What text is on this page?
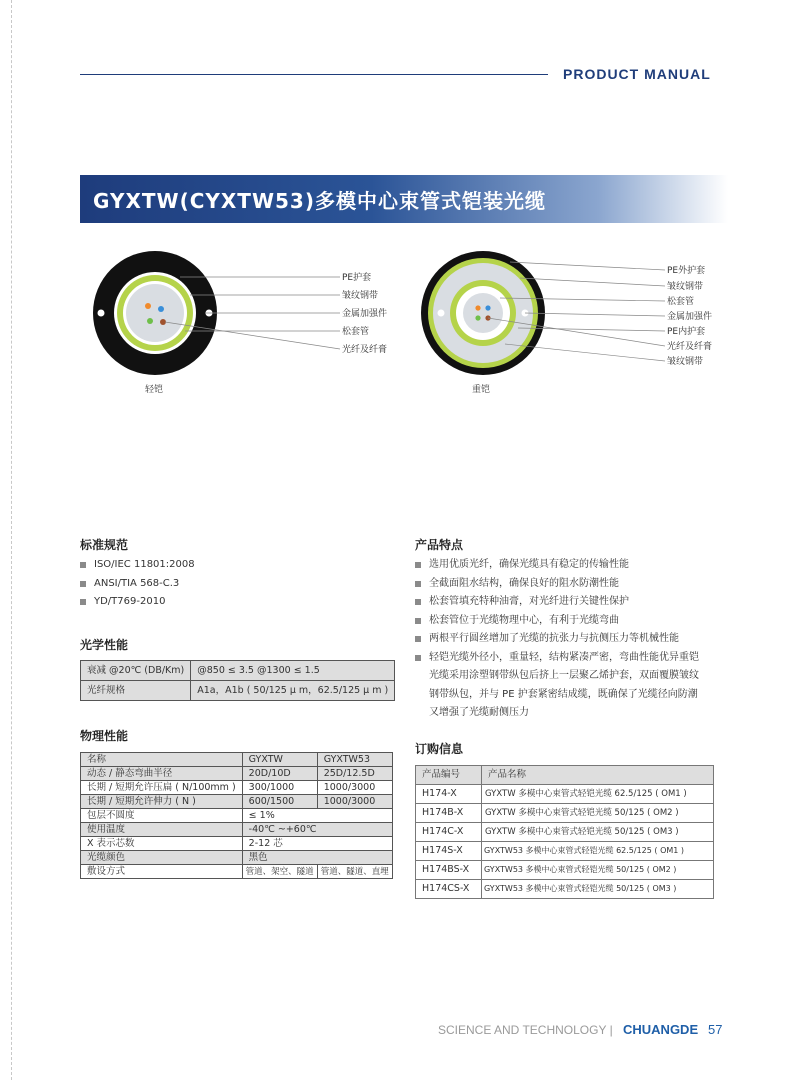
PRODUCT MANUAL
GYXTW(CYXTW53)多模中心束管式铠装光缆
PE护套
皱纹钢带
金属加强件
松套管
光纤及纤膏
轻铠
PE外护套
皱纹钢带
松套管
金属加强件
PE内护套
光纤及纤膏
皱纹钢带
重铠
标准规范
ISO/IEC 11801:2008
ANSI/TIA 568-C.3
YD/T769-2010
光学性能
衰减 @20℃ (DB/Km)	@850 ≤ 3.5 @1300 ≤ 1.5
光纤规格	A1a，A1b ( 50/125 μ m，62.5/125 μ m )
物理性能
名称	GYXTW	GYXTW53
动态 / 静态弯曲半径	20D/10D	25D/12.5D
长期 / 短期允许压扁 ( N/100mm )	300/1000	1000/3000
长期 / 短期允许伸力 ( N )	600/1500	1000/3000
包层不圆度	≤ 1%	
使用温度	-40℃ ~+60℃	
X 表示芯数	2-12 芯	
光缆颜色	黑色	
敷设方式	管道、架空、隧道	管道、隧道、直埋
产品特点
选用优质光纤，确保光缆具有稳定的传输性能
全截面阻水结构，确保良好的阻水防潮性能
松套管填充特种油膏，对光纤进行关键性保护
松套管位于光缆物理中心，有利于光缆弯曲
两根平行圆丝增加了光缆的抗张力与抗侧压力等机械性能
轻铠光缆外径小，重量轻，结构紧凑严密，弯曲性能优异重铠
光缆采用涂塑钢带纵包后挤上一层聚乙烯护套，双面覆膜皱纹
钢带纵包，并与 PE 护套紧密结成缆，既确保了光缆径向防潮
又增强了光缆耐侧压力
订购信息
产品编号	产品名称
H174-X	GYXTW 多模中心束管式轻铠光缆 62.5/125 ( OM1 )
H174B-X	GYXTW 多模中心束管式轻铠光缆 50/125 ( OM2 )
H174C-X	GYXTW 多模中心束管式轻铠光缆 50/125 ( OM3 )
H174S-X	GYXTW53 多模中心束管式轻铠光缆 62.5/125 ( OM1 )
H174BS-X	GYXTW53 多模中心束管式轻铠光缆 50/125 ( OM2 )
H174CS-X	GYXTW53 多模中心束管式轻铠光缆 50/125 ( OM3 )
SCIENCE AND TECHNOLOGY | CHUANGDE 57
